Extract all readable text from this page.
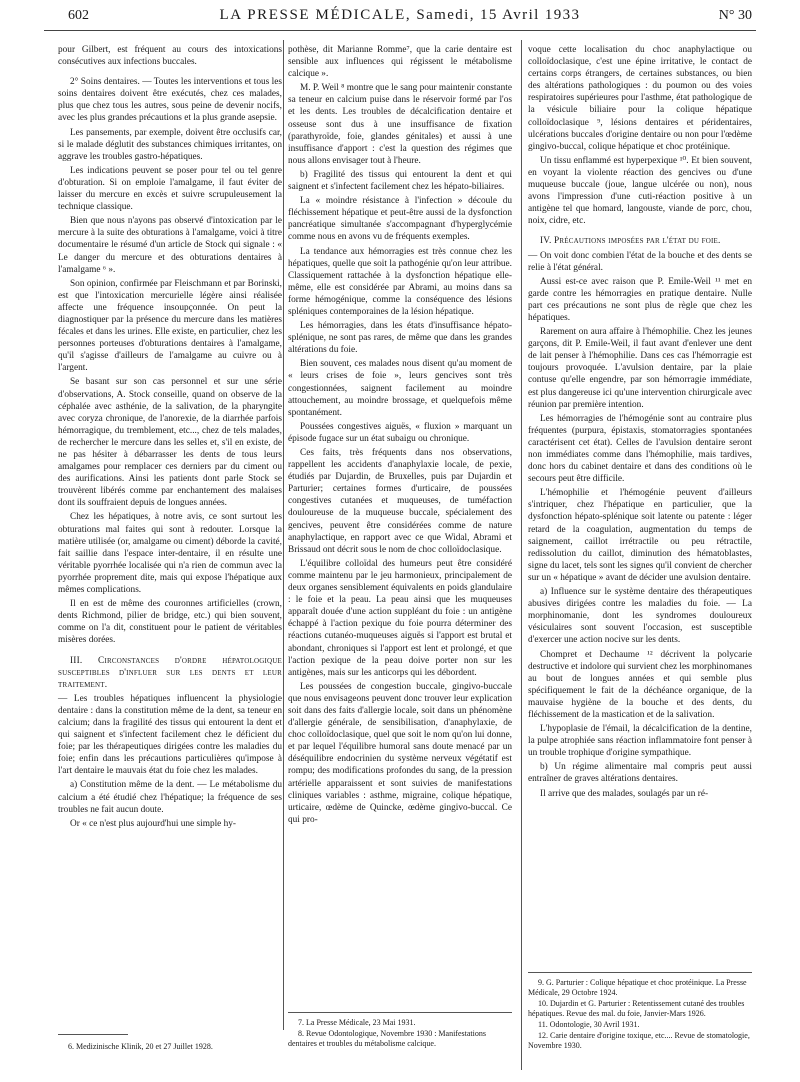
602	LA PRESSE MÉDICALE, Samedi, 15 Avril 1933	N° 30

pour Gilbert, est fréquent au cours des intoxications consécutives aux infections buccales.

2° Soins dentaires. — Toutes les interventions et tous les soins dentaires doivent être exécutés, chez ces malades, plus que chez tous les autres, sous peine de devenir nocifs, avec les plus grandes précautions et la plus grande asepsie.

Les pansements, par exemple, doivent être occlusifs car, si le malade déglutit des substances chimiques irritantes, on aggrave les troubles gastro-hépatiques.

Les indications peuvent se poser pour tel ou tel genre d'obturation. Si on emploie l'amalgame, il faut éviter de laisser du mercure en excès et suivre scrupuleusement la technique classique.

Bien que nous n'ayons pas observé d'intoxication par le mercure à la suite des obturations à l'amalgame, voici à titre documentaire le résumé d'un article de Stock qui signale : « Le danger du mercure et des obturations dentaires à l'amalgame ⁶ ».

Son opinion, confirmée par Fleischmann et par Borinski, est que l'intoxication mercurielle légère ainsi réalisée affecte une fréquence insoupçonnée. On peut la diagnostiquer par la présence du mercure dans les matières fécales et dans les urines. Elle existe, en particulier, chez les personnes porteuses d'obturations dentaires à l'amalgame, qu'il s'agisse d'ailleurs de l'amalgame au cuivre ou à l'argent.

Se basant sur son cas personnel et sur une série d'observations, A. Stock conseille, quand on observe de la céphalée avec asthénie, de la salivation, de la pharyngite avec coryza chronique, de l'anorexie, de la diarrhée parfois hémorragique, du tremblement, etc..., chez de tels malades, de rechercher le mercure dans les selles et, s'il en existe, de ne pas hésiter à débarrasser les dents de tous leurs amalgames pour remplacer ces derniers par du ciment ou des aurifications. Ainsi les patients dont parle Stock se trouvèrent libérés comme par enchantement des malaises dont ils souffraient depuis de longues années.

Chez les hépatiques, à notre avis, ce sont surtout les obturations mal faites qui sont à redouter. Lorsque la matière utilisée (or, amalgame ou ciment) déborde la cavité, fait saillie dans l'espace inter-dentaire, il en résulte une véritable pyorrhée localisée qui n'a rien de commun avec la pyorrhée proprement dite, mais qui expose l'hépatique aux mêmes complications.

Il en est de même des couronnes artificielles (crown, dents Richmond, pilier de bridge, etc.) qui bien souvent, comme on l'a dit, constituent pour le patient de véritables misères dorées.

III. Circonstances d'ordre hépatologique susceptibles d'influer sur les dents et leur traitement.

— Les troubles hépatiques influencent la physiologie dentaire : dans la constitution même de la dent, sa teneur en calcium; dans la fragilité des tissus qui entourent la dent et qui saignent et s'infectent facilement chez le déficient du foie; par les thérapeutiques dirigées contre les maladies du foie; enfin dans les précautions particulières qu'impose à l'art dentaire le mauvais état du foie chez les malades.

a) Constitution même de la dent. — Le métabolisme du calcium a été étudié chez l'hépatique; la fréquence de ses troubles ne fait aucun doute.

Or « ce n'est plus aujourd'hui une simple hy-

6. Medizinische Klinik, 20 et 27 Juillet 1928.

pothèse, dit Marianne Romme⁷, que la carie dentaire est sensible aux influences qui régissent le métabolisme calcique ».

M. P. Weil ⁸ montre que le sang pour maintenir constante sa teneur en calcium puise dans le réservoir formé par l'os et les dents. Les troubles de décalcification dentaire et osseuse sont dus à une insuffisance de fixation (parathyroïde, foie, glandes génitales) et aussi à une insuffisance d'apport : c'est la question des régimes que nous allons envisager tout à l'heure.

b) Fragilité des tissus qui entourent la dent et qui saignent et s'infectent facilement chez les hépato-biliaires.

La « moindre résistance à l'infection » découle du fléchissement hépatique et peut-être aussi de la dysfonction pancréatique simultanée s'accompagnant d'hyperglycémie comme nous en avons vu de fréquents exemples.

La tendance aux hémorragies est très connue chez les hépatiques, quelle que soit la pathogénie qu'on leur attribue. Classiquement rattachée à la dysfonction hépatique elle-même, elle est considérée par Abrami, au moins dans sa forme hémogénique, comme la conséquence des lésions spléniques contemporaines de la lésion hépatique.

Les hémorragies, dans les états d'insuffisance hépato-splénique, ne sont pas rares, de même que dans les grandes altérations du foie.

Bien souvent, ces malades nous disent qu'au moment de « leurs crises de foie », leurs gencives sont très congestionnées, saignent facilement au moindre attouchement, au moindre brossage, et quelquefois même spontanément.

Poussées congestives aiguës, « fluxion » marquant un épisode fugace sur un état subaigu ou chronique.

Ces faits, très fréquents dans nos observations, rappellent les accidents d'anaphylaxie locale, de pexie, étudiés par Dujardin, de Bruxelles, puis par Dujardin et Parturier; certaines formes d'urticaire, de poussées congestives cutanées et muqueuses, de tuméfaction douloureuse de la muqueuse buccale, spécialement des gencives, peuvent être considérées comme de nature anaphylactique, en rapport avec ce que Widal, Abrami et Brissaud ont décrit sous le nom de choc colloïdoclasique.

L'équilibre colloïdal des humeurs peut être considéré comme maintenu par le jeu harmonieux, principalement de deux organes sensiblement équivalents en poids glandulaire : le foie et la peau. La peau ainsi que les muqueuses apparaît douée d'une action suppléant du foie : un antigène échappé à l'action pexique du foie pourra déterminer des réactions cutanéo-muqueuses aiguës si l'apport est brutal et abondant, chroniques si l'apport est lent et prolongé, et que l'action pexique de la peau doive porter non sur les antigènes, mais sur les anticorps qui les débordent.

Les poussées de congestion buccale, gingivo-buccale que nous envisageons peuvent donc trouver leur explication soit dans des faits d'allergie locale, soit dans un phénomène d'allergie générale, de sensibilisation, d'anaphylaxie, de choc colloïdoclasique, quel que soit le nom qu'on lui donne, et par lequel l'équilibre humoral sans doute menacé par un déséquilibre endocrinien du système nerveux végétatif est rompu; des modifications profondes du sang, de la pression artérielle apparaissent et sont suivies de manifestations cliniques variables : asthme, migraine, colique hépatique, urticaire, œdème de Quincke, œdème gingivo-buccal. Ce qui pro-

7. La Presse Médicale, 23 Mai 1931.

8. Revue Odontologique, Novembre 1930 : Manifestations dentaires et troubles du métabolisme calcique.

voque cette localisation du choc anaphylactique ou colloïdoclasique, c'est une épine irritative, le contact de certains corps étrangers, de certaines substances, ou bien des altérations pathologiques : du poumon ou des voies respiratoires supérieures pour l'asthme, état pathologique de la vésicule biliaire pour la colique hépatique colloïdoclasique ⁹, lésions dentaires et péridentaires, ulcérations buccales d'origine dentaire ou non pour l'œdème gingivo-buccal, colique hépatique et choc protéinique.

Un tissu enflammé est hyperpexique ¹⁰. Et bien souvent, en voyant la violente réaction des gencives ou d'une muqueuse buccale (joue, langue ulcérée ou non), nous avons l'impression d'une cuti-réaction positive à un antigène tel que homard, langouste, viande de porc, chou, noix, cidre, etc.

IV. Précautions imposées par l'état du foie.

— On voit donc combien l'état de la bouche et des dents se relie à l'état général.

Aussi est-ce avec raison que P. Emile-Weil ¹¹ met en garde contre les hémorragies en pratique dentaire. Nulle part ces précautions ne sont plus de règle que chez les hépatiques.

Rarement on aura affaire à l'hémophilie. Chez les jeunes garçons, dit P. Emile-Weil, il faut avant d'enlever une dent de lait penser à l'hémophilie. Dans ces cas l'hémorragie est toujours provoquée. L'avulsion dentaire, par la plaie contuse qu'elle engendre, par son hémorragie immédiate, est plus dangereuse ici qu'une intervention chirurgicale avec réunion par première intention.

Les hémorragies de l'hémogénie sont au contraire plus fréquentes (purpura, épistaxis, stomatorragies spontanées caractérisent cet état). Celles de l'avulsion dentaire seront non immédiates comme dans l'hémophilie, mais tardives, donc hors du cabinet dentaire et dans des conditions où le secours peut être difficile.

L'hémophilie et l'hémogénie peuvent d'ailleurs s'intriquer, chez l'hépatique en particulier, que la dysfonction hépato-splénique soit latente ou patente : léger retard de la coagulation, augmentation du temps de saignement, caillot irrétractile ou peu rétractile, redissolution du caillot, diminution des hématoblastes, signe du lacet, tels sont les signes qu'il convient de chercher sur un « hépatique » avant de décider une avulsion dentaire.

a) Influence sur le système dentaire des thérapeutiques abusives dirigées contre les maladies du foie. — La morphinomanie, dont les syndromes douloureux vésiculaires sont souvent l'occasion, est susceptible d'exercer une action nocive sur les dents.

Chompret et Dechaume ¹² décrivent la polycarie destructive et indolore qui survient chez les morphinomanes au bout de longues années et qui semble plus spécifiquement le fait de la déchéance organique, de la mauvaise hygiène de la bouche et des dents, du fléchissement de la mastication et de la salivation.

L'hypoplasie de l'émail, la décalcification de la dentine, la pulpe atrophiée sans réaction inflammatoire font penser à un trouble trophique d'origine sympathique.

b) Un régime alimentaire mal compris peut aussi entraîner de graves altérations dentaires.

Il arrive que des malades, soulagés par un ré-

9. G. Parturier : Colique hépatique et choc protéinique. La Presse Médicale, 29 Octobre 1924.

10. Dujardin et G. Parturier : Retentissement cutané des troubles hépatiques. Revue des mal. du foie, Janvier-Mars 1926.

11. Odontologie, 30 Avril 1931.

12. Carie dentaire d'origine toxique, etc.... Revue de stomatologie, Novembre 1930.
